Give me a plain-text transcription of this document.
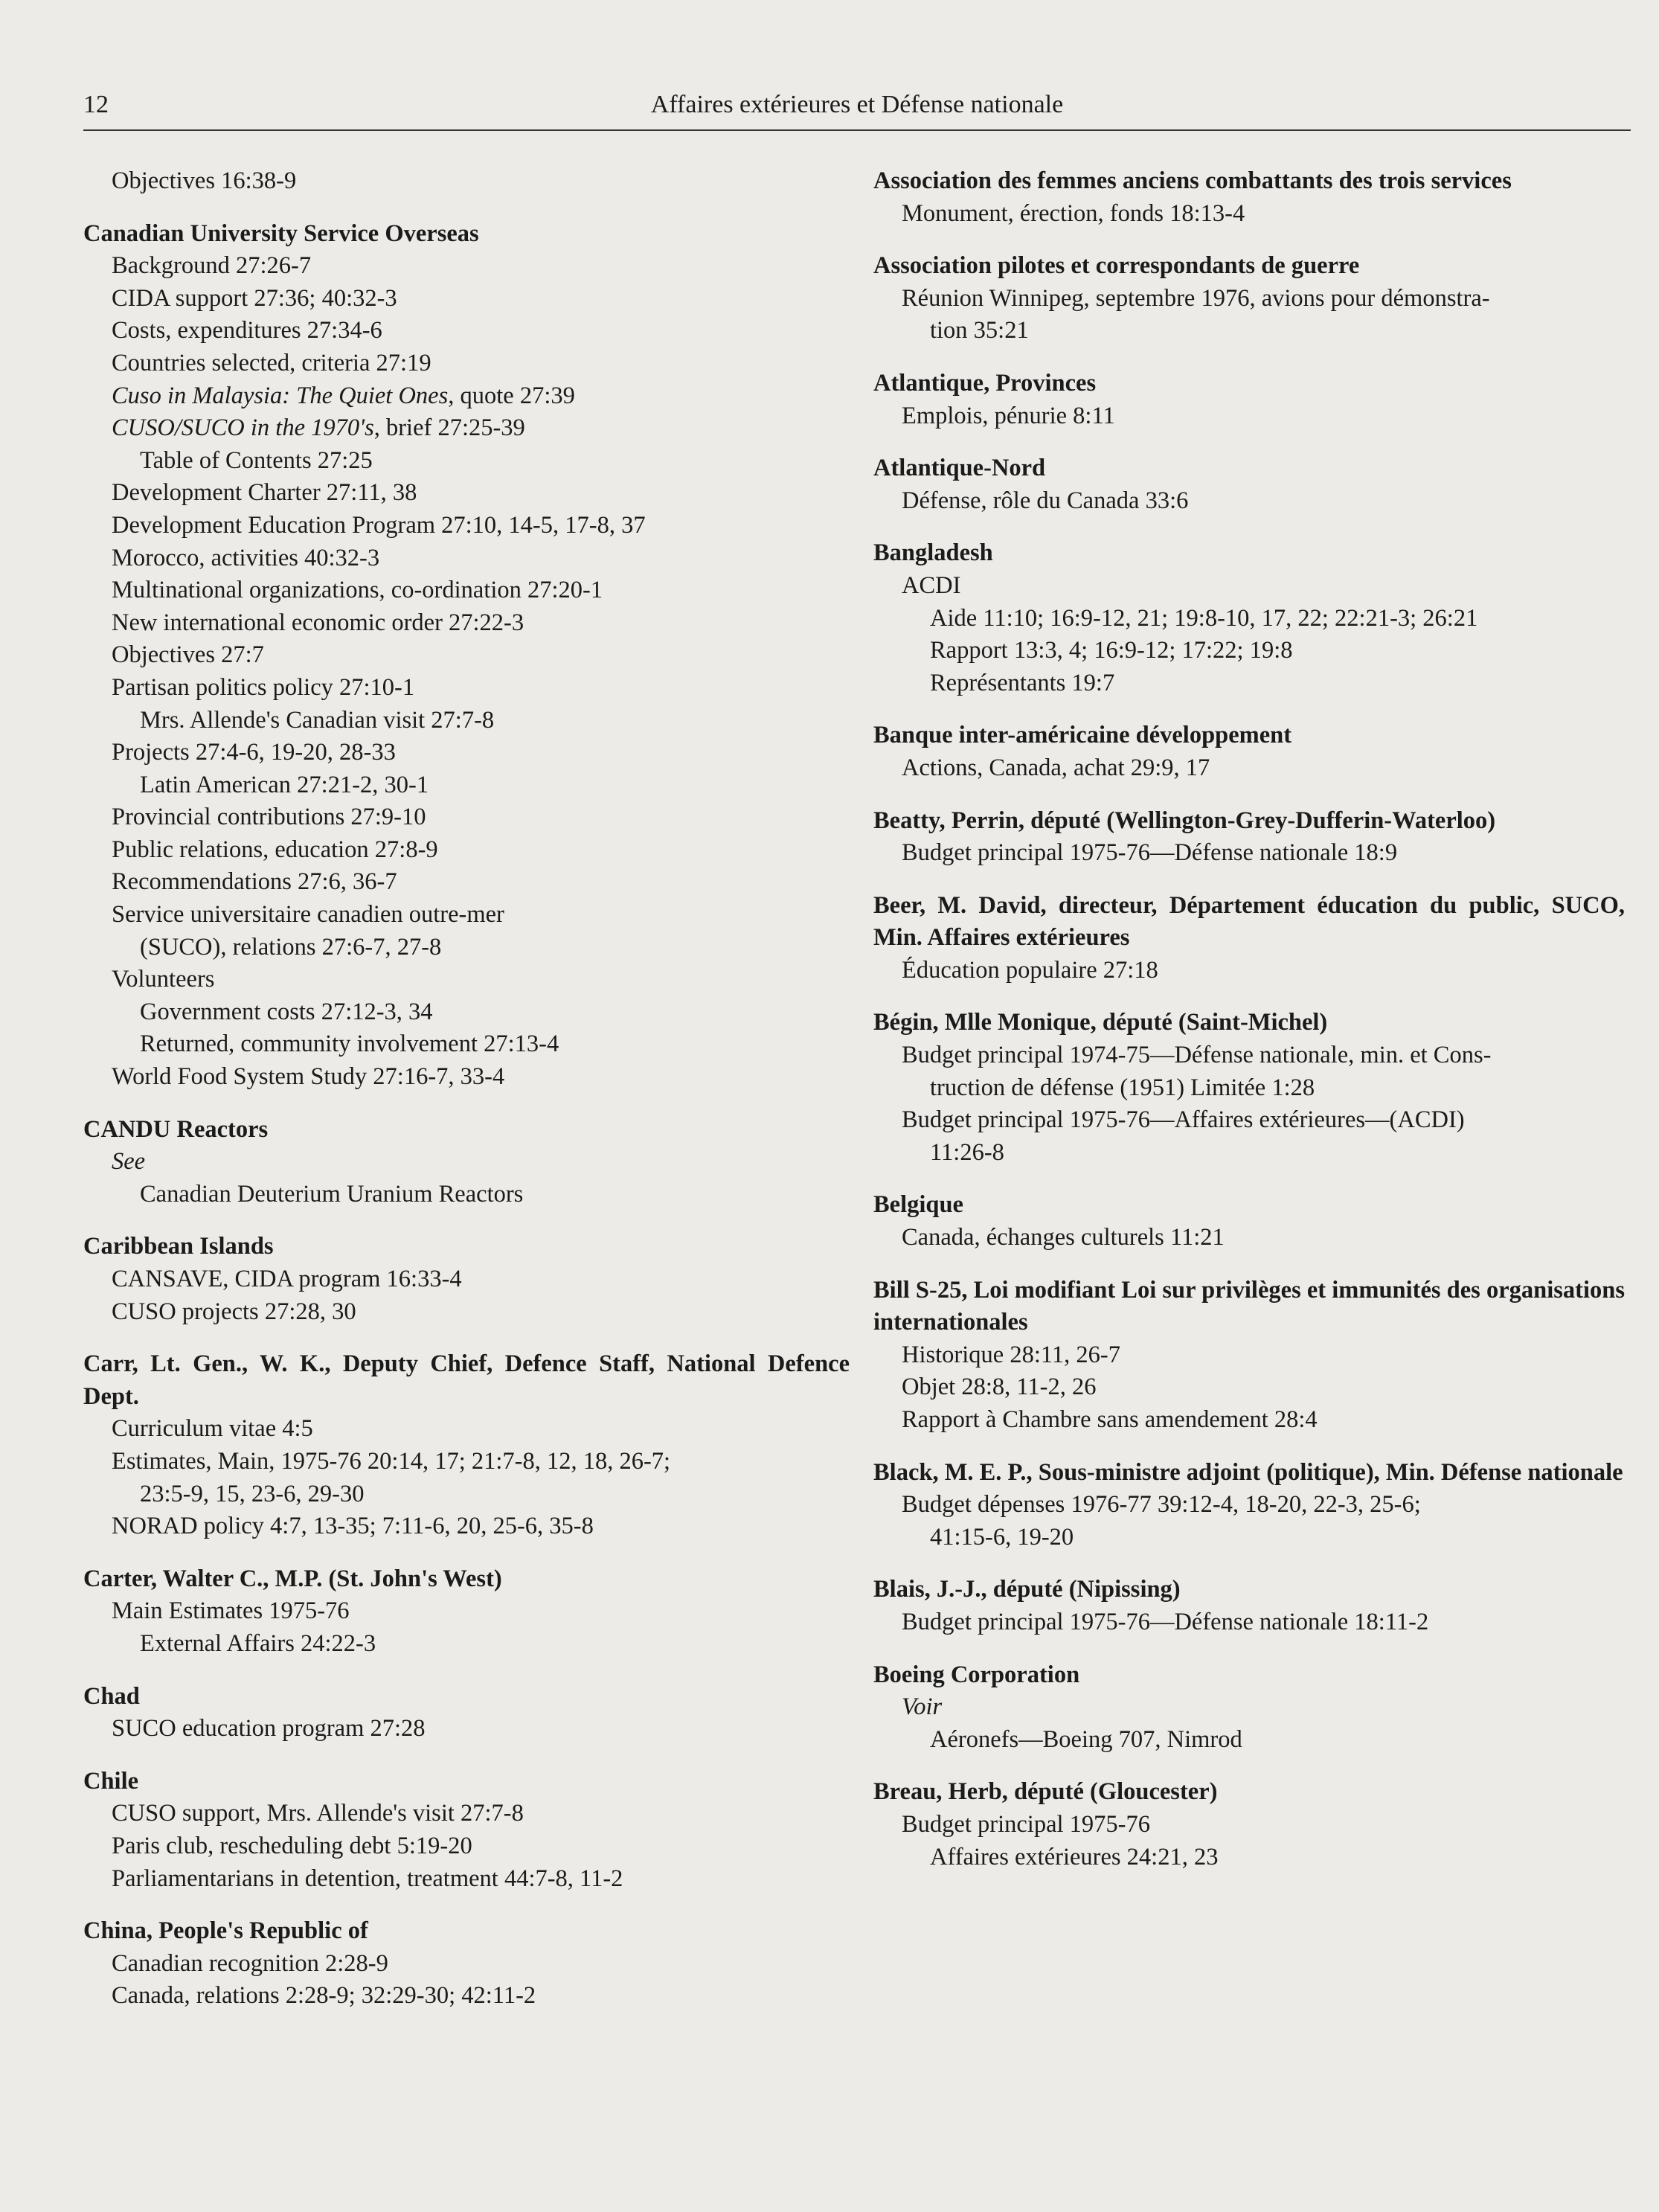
12	Affaires extérieures et Défense nationale
Objectives 16:38-9
Canadian University Service Overseas
Background 27:26-7
CIDA support 27:36; 40:32-3
Costs, expenditures 27:34-6
Countries selected, criteria 27:19
Cuso in Malaysia: The Quiet Ones, quote 27:39
CUSO/SUCO in the 1970's, brief 27:25-39
Table of Contents 27:25
Development Charter 27:11, 38
Development Education Program 27:10, 14-5, 17-8, 37
Morocco, activities 40:32-3
Multinational organizations, co-ordination 27:20-1
New international economic order 27:22-3
Objectives 27:7
Partisan politics policy 27:10-1
Mrs. Allende's Canadian visit 27:7-8
Projects 27:4-6, 19-20, 28-33
Latin American 27:21-2, 30-1
Provincial contributions 27:9-10
Public relations, education 27:8-9
Recommendations 27:6, 36-7
Service universitaire canadien outre-mer
(SUCO), relations 27:6-7, 27-8
Volunteers
Government costs 27:12-3, 34
Returned, community involvement 27:13-4
World Food System Study 27:16-7, 33-4
CANDU Reactors
See
Canadian Deuterium Uranium Reactors
Caribbean Islands
CANSAVE, CIDA program 16:33-4
CUSO projects 27:28, 30
Carr, Lt. Gen., W. K., Deputy Chief, Defence Staff, National Defence Dept.
Curriculum vitae 4:5
Estimates, Main, 1975-76 20:14, 17; 21:7-8, 12, 18, 26-7;
23:5-9, 15, 23-6, 29-30
NORAD policy 4:7, 13-35; 7:11-6, 20, 25-6, 35-8
Carter, Walter C., M.P. (St. John's West)
Main Estimates 1975-76
External Affairs 24:22-3
Chad
SUCO education program 27:28
Chile
CUSO support, Mrs. Allende's visit 27:7-8
Paris club, rescheduling debt 5:19-20
Parliamentarians in detention, treatment 44:7-8, 11-2
China, People's Republic of
Canadian recognition 2:28-9
Canada, relations 2:28-9; 32:29-30; 42:11-2
Association des femmes anciens combattants des trois services
Monument, érection, fonds 18:13-4
Association pilotes et correspondants de guerre
Réunion Winnipeg, septembre 1976, avions pour démonstra-
tion 35:21
Atlantique, Provinces
Emplois, pénurie 8:11
Atlantique-Nord
Défense, rôle du Canada 33:6
Bangladesh
ACDI
Aide 11:10; 16:9-12, 21; 19:8-10, 17, 22; 22:21-3; 26:21
Rapport 13:3, 4; 16:9-12; 17:22; 19:8
Représentants 19:7
Banque inter-américaine développement
Actions, Canada, achat 29:9, 17
Beatty, Perrin, député (Wellington-Grey-Dufferin-Waterloo)
Budget principal 1975-76—Défense nationale 18:9
Beer, M. David, directeur, Département éducation du public, SUCO, Min. Affaires extérieures
Éducation populaire 27:18
Bégin, Mlle Monique, député (Saint-Michel)
Budget principal 1974-75—Défense nationale, min. et Cons-
truction de défense (1951) Limitée 1:28
Budget principal 1975-76—Affaires extérieures—(ACDI)
11:26-8
Belgique
Canada, échanges culturels 11:21
Bill S-25, Loi modifiant Loi sur privilèges et immunités des organisations internationales
Historique 28:11, 26-7
Objet 28:8, 11-2, 26
Rapport à Chambre sans amendement 28:4
Black, M. E. P., Sous-ministre adjoint (politique), Min. Défense nationale
Budget dépenses 1976-77 39:12-4, 18-20, 22-3, 25-6;
41:15-6, 19-20
Blais, J.-J., député (Nipissing)
Budget principal 1975-76—Défense nationale 18:11-2
Boeing Corporation
Voir
Aéronefs—Boeing 707, Nimrod
Breau, Herb, député (Gloucester)
Budget principal 1975-76
Affaires extérieures 24:21, 23
